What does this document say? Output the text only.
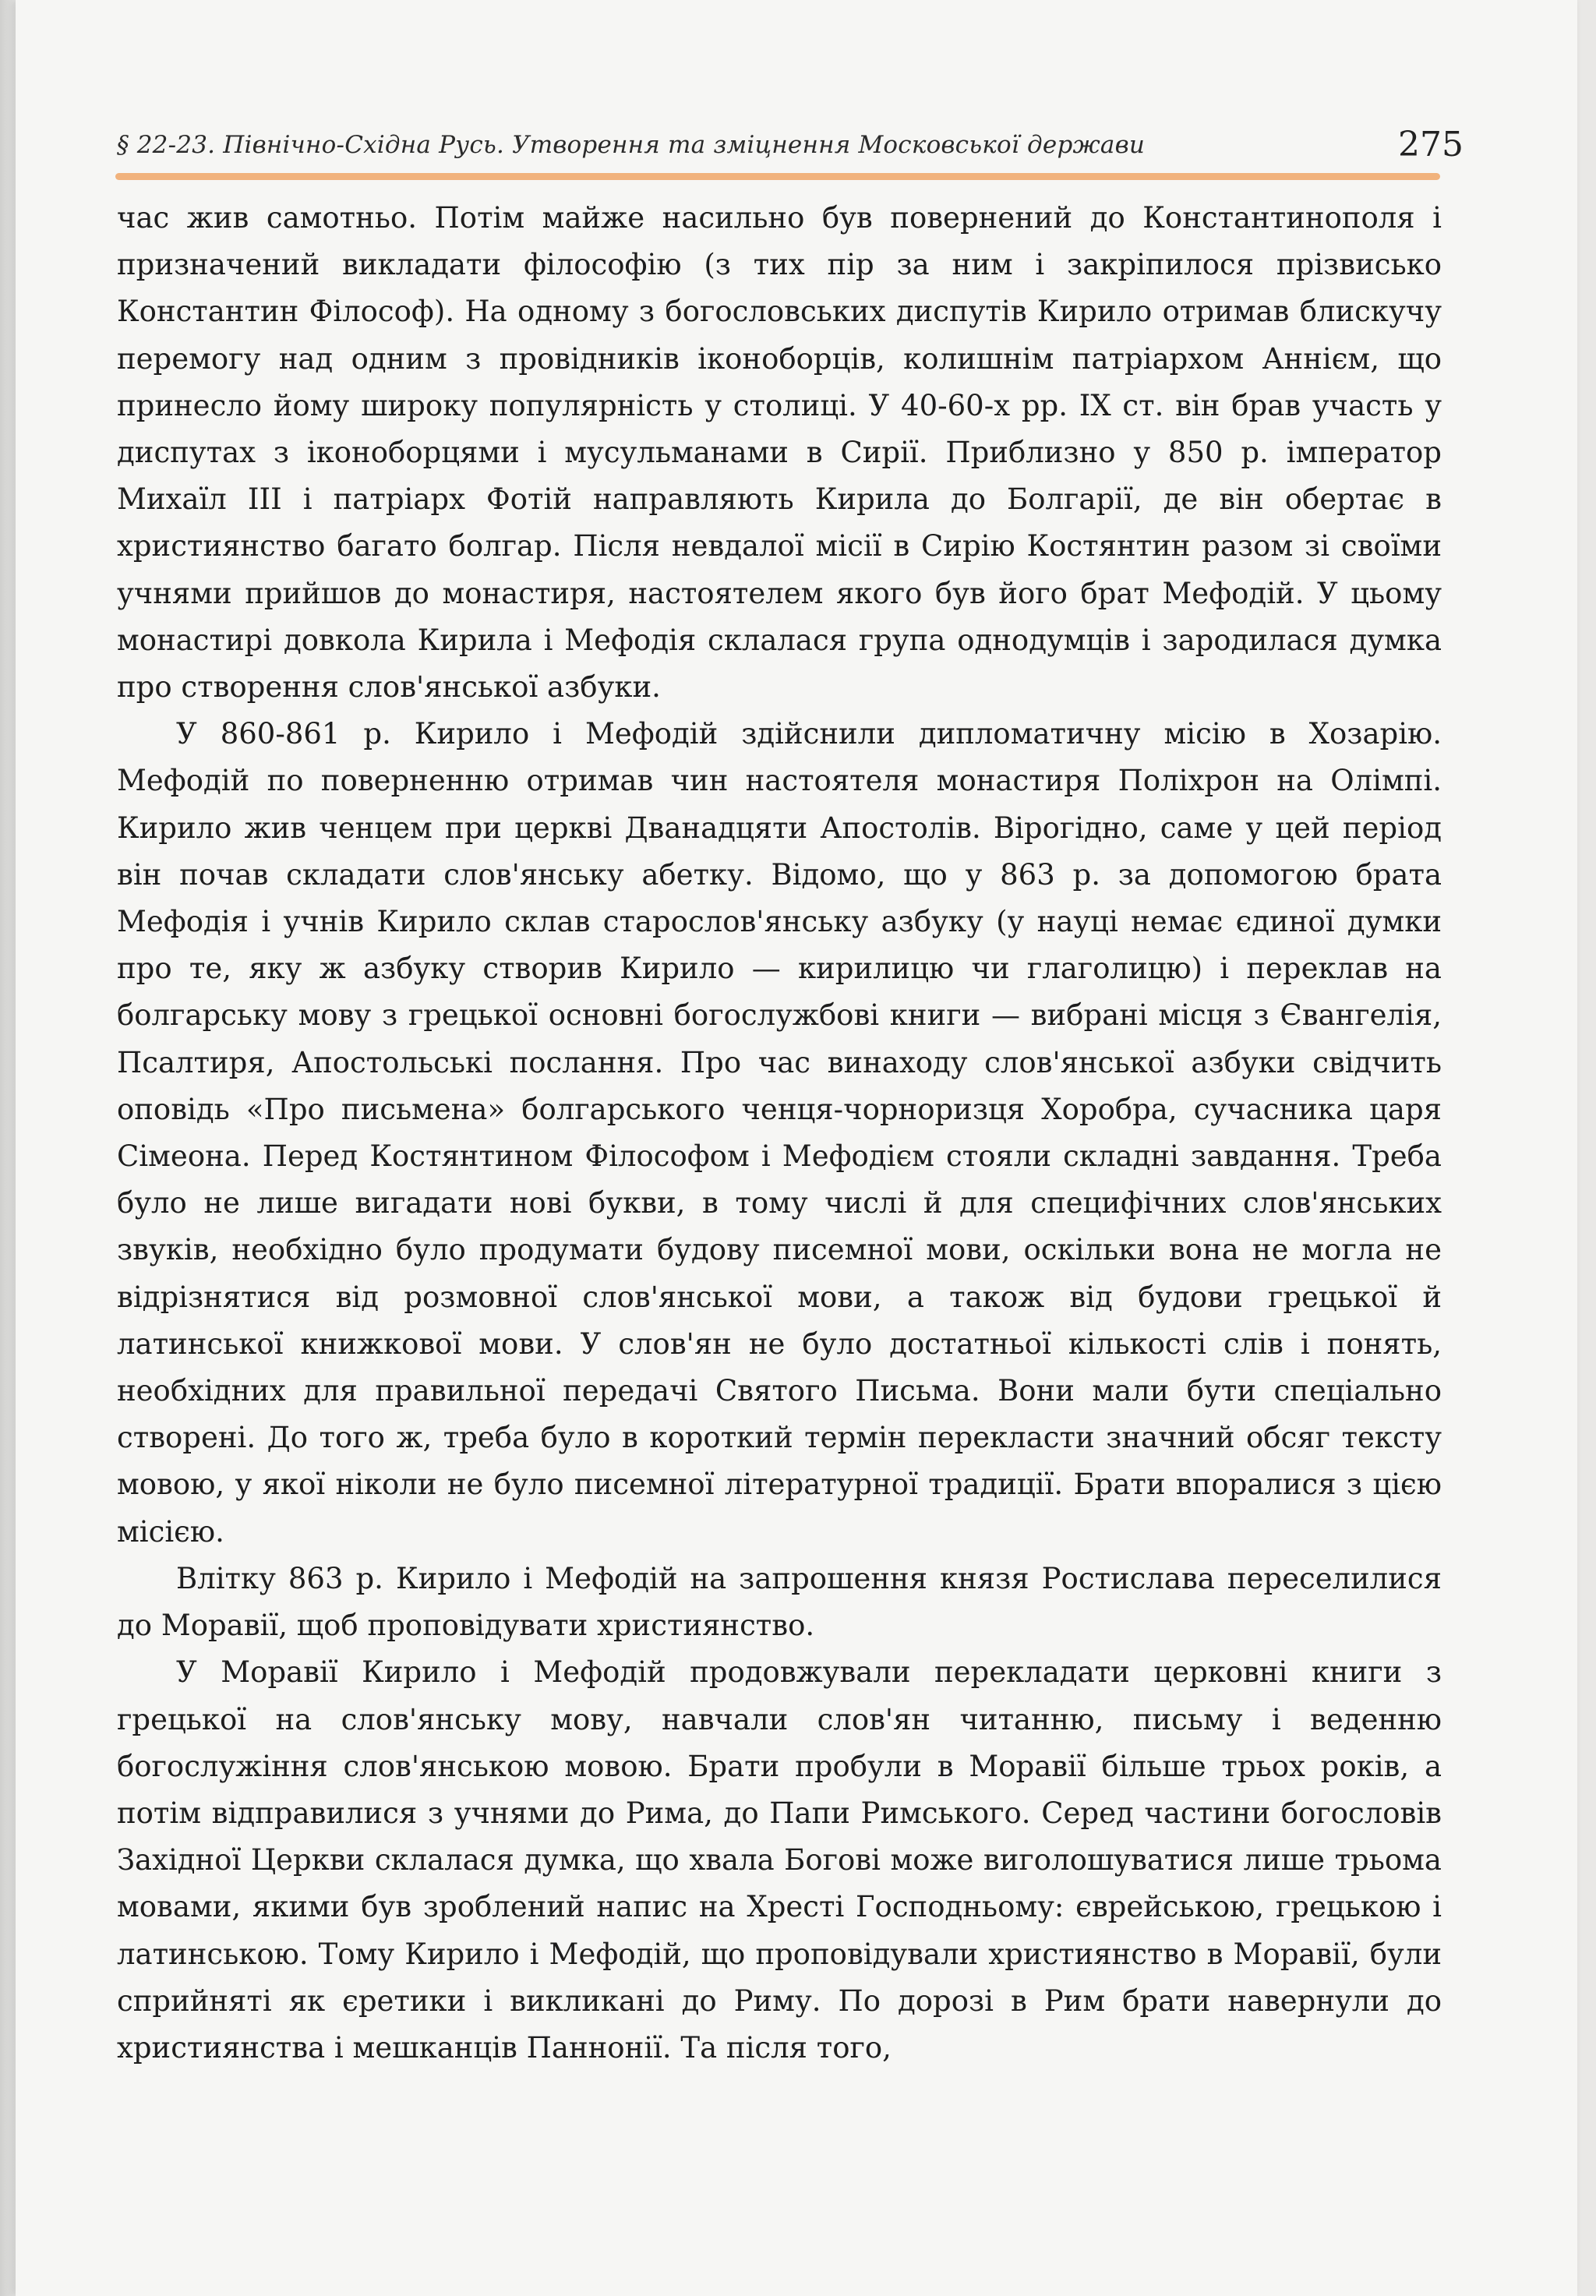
§ 22-23. Північно-Східна Русь. Утворення та зміцнення Московської держави	275

час жив самотньо. Потім майже насильно був повернений до Константинополя і призначений викладати філософію (з тих пір за ним і закріпилося прізвисько Константин Філософ). На одному з богословських диспутів Кирило отримав блискучу перемогу над одним з провідників іконоборців, колишнім патріархом Аннієм, що принесло йому широку популярність у столиці. У 40-60-х рр. IX ст. він брав участь у диспутах з іконоборцями і мусульманами в Сирії. Приблизно у 850 р. імператор Михаїл III і патріарх Фотій направляють Кирила до Болгарії, де він обертає в християнство багато болгар. Після невдалої місії в Сирію Костянтин разом зі своїми учнями прийшов до монастиря, настоятелем якого був його брат Мефодій. У цьому монастирі довкола Кирила і Мефодія склалася група однодумців і зародилася думка про створення слов'янської азбуки.

У 860-861 р. Кирило і Мефодій здійснили дипломатичну місію в Хозарію. Мефодій по поверненню отримав чин настоятеля монастиря Поліхрон на Олімпі. Кирило жив ченцем при церкві Дванадцяти Апостолів. Вірогідно, саме у цей період він почав складати слов'янську абетку. Відомо, що у 863 р. за допомогою брата Мефодія і учнів Кирило склав старослов'янську азбуку (у науці немає єдиної думки про те, яку ж азбуку створив Кирило — кирилицю чи глаголицю) і переклав на болгарську мову з грецької основні богослужбові книги — вибрані місця з Євангелія, Псалтиря, Апостольські послання. Про час винаходу слов'янської азбуки свідчить оповідь «Про письмена» болгарського ченця-чорноризця Хоробра, сучасника царя Сімеона. Перед Костянтином Філософом і Мефодієм стояли складні завдання. Треба було не лише вигадати нові букви, в тому числі й для специфічних слов'янських звуків, необхідно було продумати будову писемної мови, оскільки вона не могла не відрізнятися від розмовної слов'янської мови, а також від будови грецької й латинської книжкової мови. У слов'ян не було достатньої кількості слів і понять, необхідних для правильної передачі Святого Письма. Вони мали бути спеціально створені. До того ж, треба було в короткий термін перекласти значний обсяг тексту мовою, у якої ніколи не було писемної літературної традиції. Брати впоралися з цією місією.

Влітку 863 р. Кирило і Мефодій на запрошення князя Ростислава переселилися до Моравії, щоб проповідувати християнство.

У Моравії Кирило і Мефодій продовжували перекладати церковні книги з грецької на слов'янську мову, навчали слов'ян читанню, письму і веденню богослужіння слов'янською мовою. Брати пробули в Моравії більше трьох років, а потім відправилися з учнями до Рима, до Папи Римського. Серед частини богословів Західної Церкви склалася думка, що хвала Богові може виголошуватися лише трьома мовами, якими був зроблений напис на Хресті Господньому: єврейською, грецькою і латинською. Тому Кирило і Мефодій, що проповідували християнство в Моравії, були сприйняті як єретики і викликані до Риму. По дорозі в Рим брати навернули до християнства і мешканців Паннонії. Та після того,
